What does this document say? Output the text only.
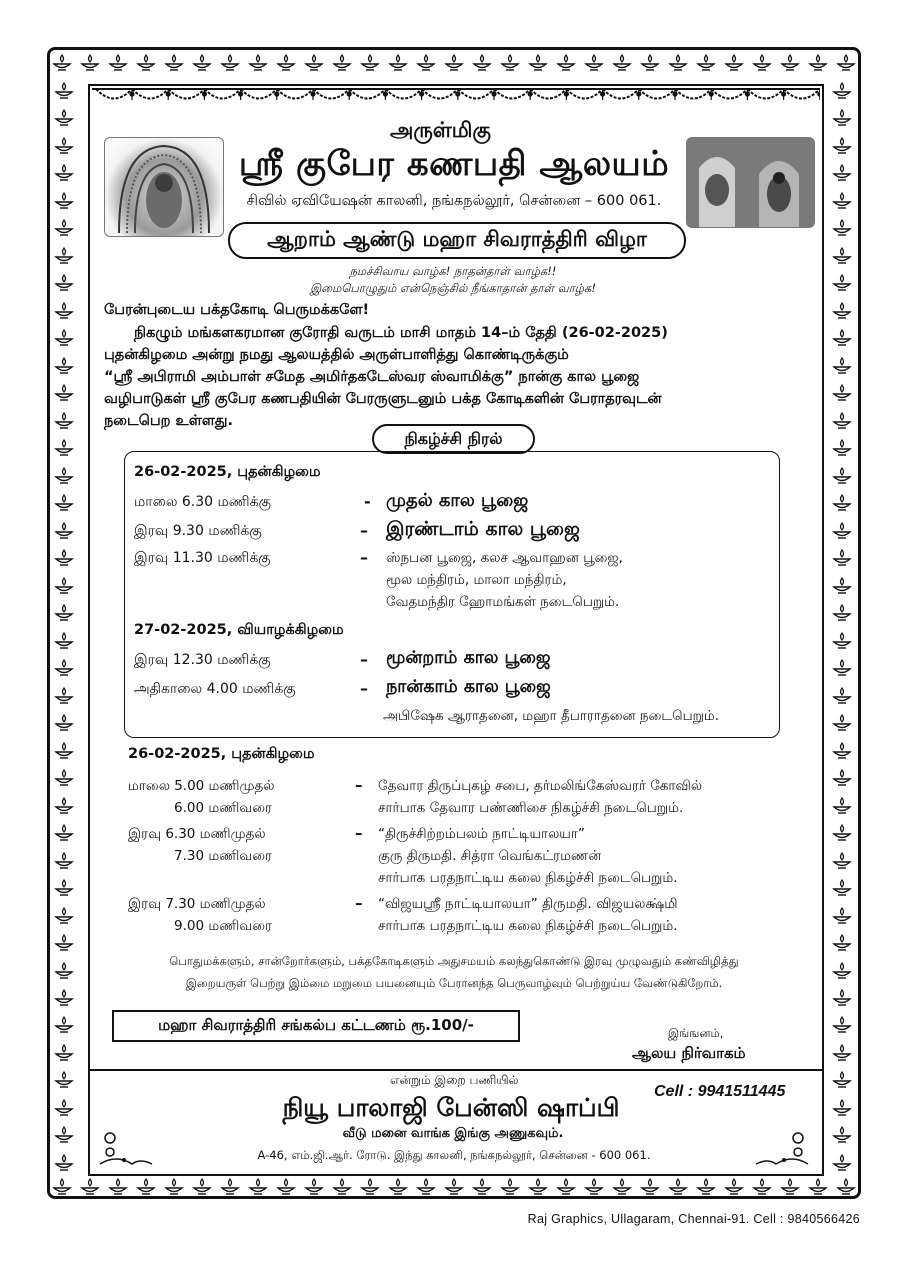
அருள்மிகு
ஸ்ரீ குபேர கணபதி ஆலயம்
சிவில் ஏவியேஷன் காலனி, நங்கநல்லூர், சென்னை – 600 061.
ஆறாம் ஆண்டு மஹா சிவராத்திரி விழா
நமச்சிவாய வாழ்க! நாதன்தாள் வாழ்க!!
இமைபொழுதும் என்நெஞ்சில் நீங்காதான் தாள் வாழ்க!
பேரன்புடைய பக்தகோடி பெருமக்களே!
நிகழும் மங்களகரமான குரோதி வருடம் மாசி மாதம் 14–ம் தேதி (26-02-2025)
புதன்கிழமை அன்று நமது ஆலயத்தில் அருள்பாளித்து கொண்டிருக்கும்
“ஸ்ரீ அபிராமி அம்பாள் சமேத அமிர்தகடேஸ்வர ஸ்வாமிக்கு” நான்கு கால பூஜை
வழிபாடுகள் ஸ்ரீ குபேர கணபதியின் பேரருளுடனும் பக்த கோடிகளின் பேராதரவுடன்
நடைபெற உள்ளது.
நிகழ்ச்சி நிரல்
26-02-2025, புதன்கிழமை
மாலை 6.30 மணிக்கு	- முதல் கால பூஜை
இரவு 9.30 மணிக்கு	– இரண்டாம் கால பூஜை
இரவு 11.30 மணிக்கு	– ஸ்நபன பூஜை, கலச ஆவாஹன பூஜை,
மூல மந்திரம், மாலா மந்திரம்,
வேதமந்திர ஹோமங்கள் நடைபெறும்.
27-02-2025, வியாழக்கிழமை
இரவு 12.30 மணிக்கு	– மூன்றாம் கால பூஜை
அதிகாலை 4.00 மணிக்கு	– நான்காம் கால பூஜை
அபிஷேக ஆராதனை, மஹா தீபாராதனை நடைபெறும்.
26-02-2025, புதன்கிழமை
மாலை 5.00 மணிமுதல்
6.00 மணிவரை
– தேவார திருப்புகழ் சபை, தர்மலிங்கேஸ்வரர் கோவில்
சார்பாக தேவார பண்ணிசை நிகழ்ச்சி நடைபெறும்.
இரவு 6.30 மணிமுதல்
7.30 மணிவரை
– “திருச்சிற்றம்பலம் நாட்டியாலயா”
குரு திருமதி. சித்ரா வெங்கட்ரமணன்
சார்பாக பரதநாட்டிய கலை நிகழ்ச்சி நடைபெறும்.
இரவு 7.30 மணிமுதல்
9.00 மணிவரை
– “விஜயஸ்ரீ நாட்டியாலயா” திருமதி. விஜயலக்ஷ்மி
சார்பாக பரதநாட்டிய கலை நிகழ்ச்சி நடைபெறும்.
பொதுமக்களும், சான்றோர்களும், பக்தகோடிகளும் அதுசமயம் கலந்துகொண்டு இரவு முழுவதும் கண்விழித்து
இறையருள் பெற்று இம்மை மறுமை பயனையும் பேரானந்த பெருவாழ்வும் பெற்றுய்ய வேண்டுகிறோம்.
மஹா சிவராத்திரி சங்கல்ப கட்டணம் ரூ.100/-	இங்ஙனம்,
ஆலய நிர்வாகம்
என்றும் இறை பணியில்
Cell : 9941511445
நியூ பாலாஜி பேன்ஸி ஷாப்பி
வீடு மனை வாங்க இங்கு அணுகவும்.
A-46, எம்.ஜி.ஆர். ரோடு. இந்து காலனி, நங்கநல்லூர், சென்னை - 600 061.
Raj Graphics, Ullagaram, Chennai-91. Cell : 9840566426
